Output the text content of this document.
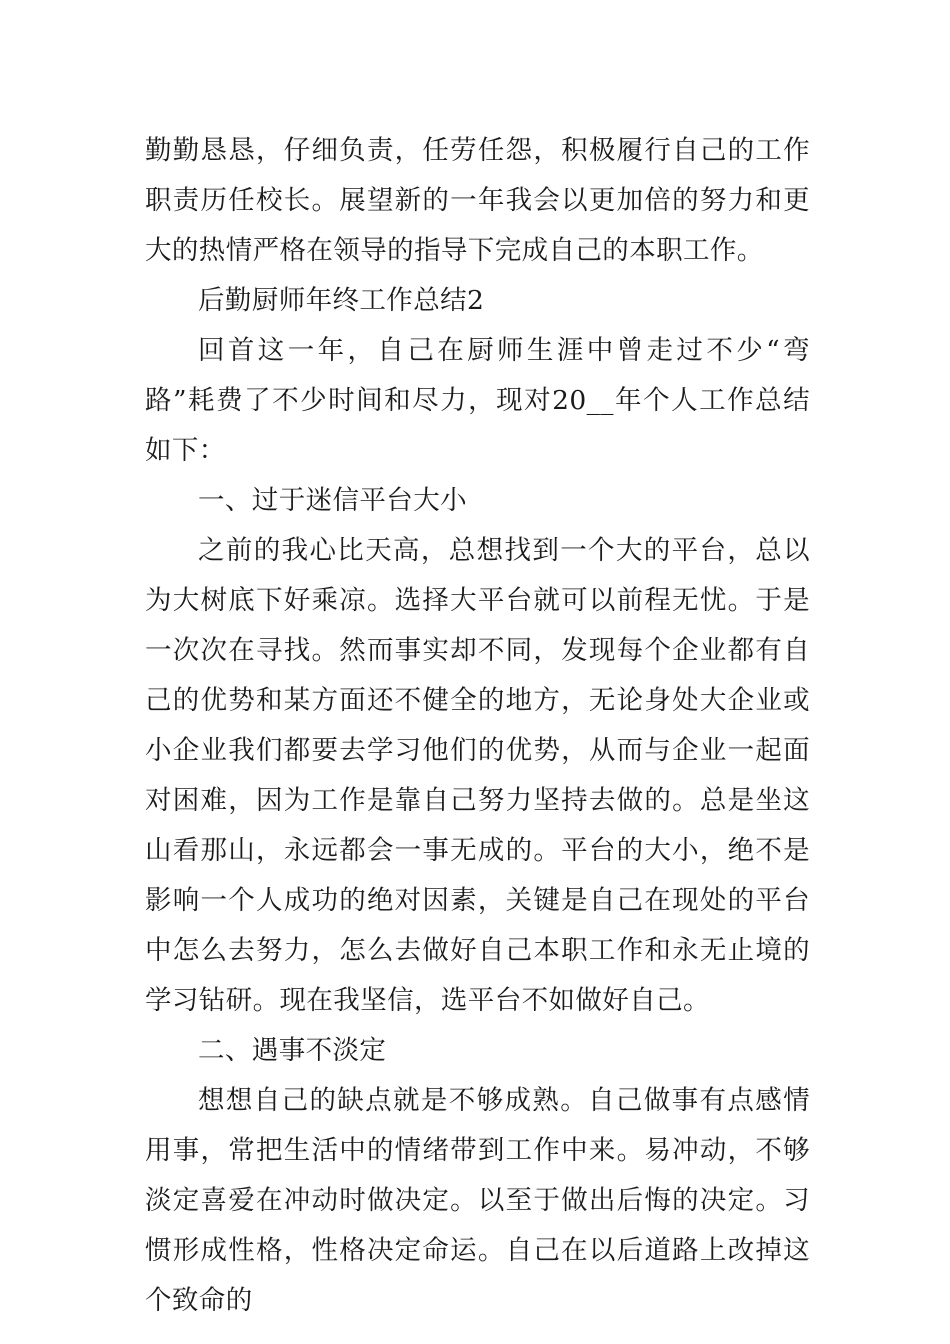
勤勤恳恳，仔细负责，任劳任怨，积极履行自己的工作职责历任校长。展望新的一年我会以更加倍的努力和更大的热情严格在领导的指导下完成自己的本职工作。

后勤厨师年终工作总结2

回首这一年，自己在厨师生涯中曾走过不少“弯路”耗费了不少时间和尽力，现对20__年个人工作总结如下：

一、过于迷信平台大小

之前的我心比天高，总想找到一个大的平台，总以为大树底下好乘凉。选择大平台就可以前程无忧。于是一次次在寻找。然而事实却不同，发现每个企业都有自己的优势和某方面还不健全的地方，无论身处大企业或小企业我们都要去学习他们的优势，从而与企业一起面对困难，因为工作是靠自己努力坚持去做的。总是坐这山看那山，永远都会一事无成的。平台的大小，绝不是影响一个人成功的绝对因素，关键是自己在现处的平台中怎么去努力，怎么去做好自己本职工作和永无止境的学习钻研。现在我坚信，选平台不如做好自己。

二、遇事不淡定

想想自己的缺点就是不够成熟。自己做事有点感情用事，常把生活中的情绪带到工作中来。易冲动，不够淡定喜爱在冲动时做决定。以至于做出后悔的决定。习惯形成性格，性格决定命运。自己在以后道路上改掉这个致命的
